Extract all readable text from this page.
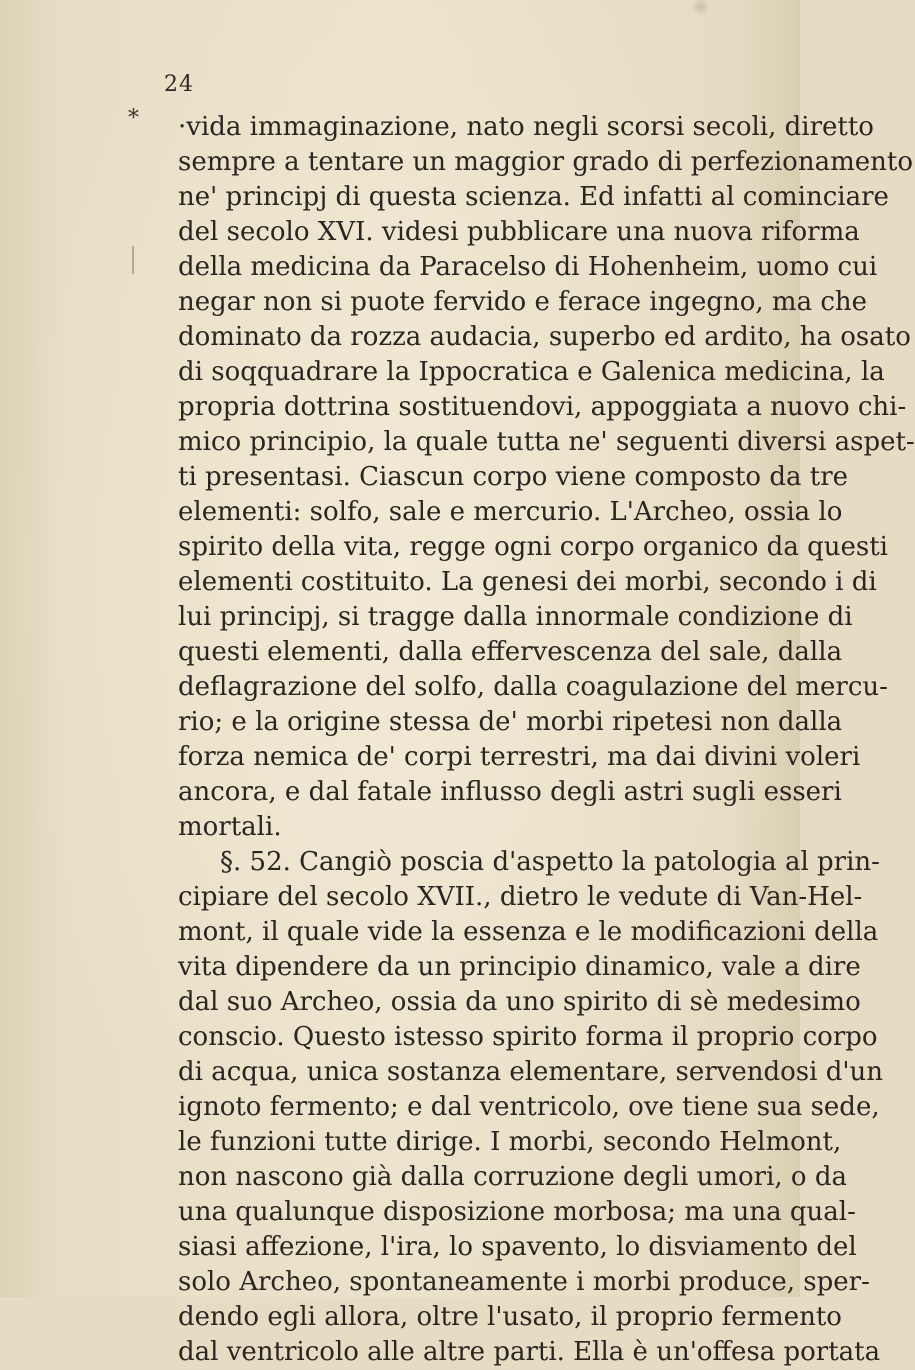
24
* ·vida immaginazione, nato negli scorsi secoli, diretto
sempre a tentare un maggior grado di perfezionamento
ne' principj di questa scienza. Ed infatti al cominciare
del secolo XVI. videsi pubblicare una nuova riforma
della medicina da Paracelso di Hohenheim, uomo cui
negar non si puote fervido e ferace ingegno, ma che
dominato da rozza audacia, superbo ed ardito, ha osato
di soqquadrare la Ippocratica e Galenica medicina, la
propria dottrina sostituendovi, appoggiata a nuovo chi-
mico principio, la quale tutta ne' seguenti diversi aspet-
ti presentasi. Ciascun corpo viene composto da tre
elementi: solfo, sale e mercurio. L'Archeo, ossia lo
spirito della vita, regge ogni corpo organico da questi
elementi costituito. La genesi dei morbi, secondo i di
lui principj, si tragge dalla innormale condizione di
questi elementi, dalla effervescenza del sale, dalla
deflagrazione del solfo, dalla coagulazione del mercu-
rio; e la origine stessa de' morbi ripetesi non dalla
forza nemica de' corpi terrestri, ma dai divini voleri
ancora, e dal fatale influsso degli astri sugli esseri
mortali.
§. 52. Cangiò poscia d'aspetto la patologia al prin-
cipiare del secolo XVII., dietro le vedute di Van-Hel-
mont, il quale vide la essenza e le modificazioni della
vita dipendere da un principio dinamico, vale a dire
dal suo Archeo, ossia da uno spirito di sè medesimo
conscio. Questo istesso spirito forma il proprio corpo
di acqua, unica sostanza elementare, servendosi d'un
ignoto fermento; e dal ventricolo, ove tiene sua sede,
le funzioni tutte dirige. I morbi, secondo Helmont,
non nascono già dalla corruzione degli umori, o da
una qualunque disposizione morbosa; ma una qual-
siasi affezione, l'ira, lo spavento, lo disviamento del
solo Archeo, spontaneamente i morbi produce, sper-
dendo egli allora, oltre l'usato, il proprio fermento
dal ventricolo alle altre parti. Ella è un'offesa portata
